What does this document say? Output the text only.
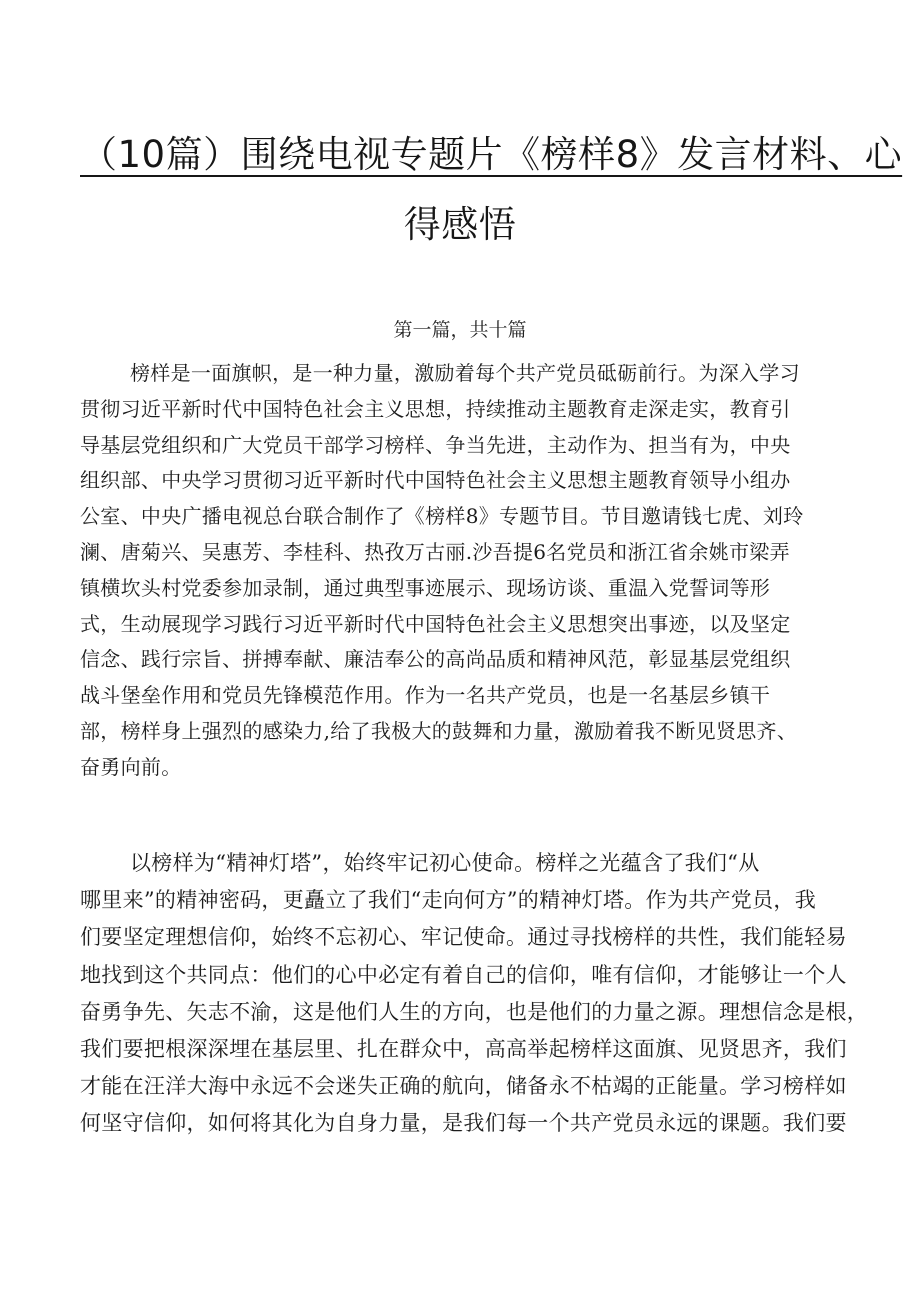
（10篇）围绕电视专题片《榜样8》发言材料、心
得感悟
第一篇，共十篇

榜样是一面旗帜，是一种力量，激励着每个共产党员砥砺前行。为深入学习
贯彻习近平新时代中国特色社会主义思想，持续推动主题教育走深走实，教育引
导基层党组织和广大党员干部学习榜样、争当先进，主动作为、担当有为，中央
组织部、中央学习贯彻习近平新时代中国特色社会主义思想主题教育领导小组办
公室、中央广播电视总台联合制作了《榜样8》专题节目。节目邀请钱七虎、刘玲
澜、唐菊兴、吴惠芳、李桂科、热孜万古丽.沙吾提6名党员和浙江省余姚市梁弄
镇横坎头村党委参加录制，通过典型事迹展示、现场访谈、重温入党誓词等形
式，生动展现学习践行习近平新时代中国特色社会主义思想突出事迹，以及坚定
信念、践行宗旨、拼搏奉献、廉洁奉公的高尚品质和精神风范，彰显基层党组织
战斗堡垒作用和党员先锋模范作用。作为一名共产党员，也是一名基层乡镇干
部，榜样身上强烈的感染力,给了我极大的鼓舞和力量，激励着我不断见贤思齐、
奋勇向前。

以榜样为“精神灯塔”，始终牢记初心使命。榜样之光蕴含了我们“从
哪里来”的精神密码，更矗立了我们“走向何方”的精神灯塔。作为共产党员，我
们要坚定理想信仰，始终不忘初心、牢记使命。通过寻找榜样的共性，我们能轻易
地找到这个共同点：他们的心中必定有着自己的信仰，唯有信仰，才能够让一个人
奋勇争先、矢志不渝，这是他们人生的方向，也是他们的力量之源。理想信念是根，
我们要把根深深埋在基层里、扎在群众中，高高举起榜样这面旗、见贤思齐，我们
才能在汪洋大海中永远不会迷失正确的航向，储备永不枯竭的正能量。学习榜样如
何坚守信仰，如何将其化为自身力量，是我们每一个共产党员永远的课题。我们要
